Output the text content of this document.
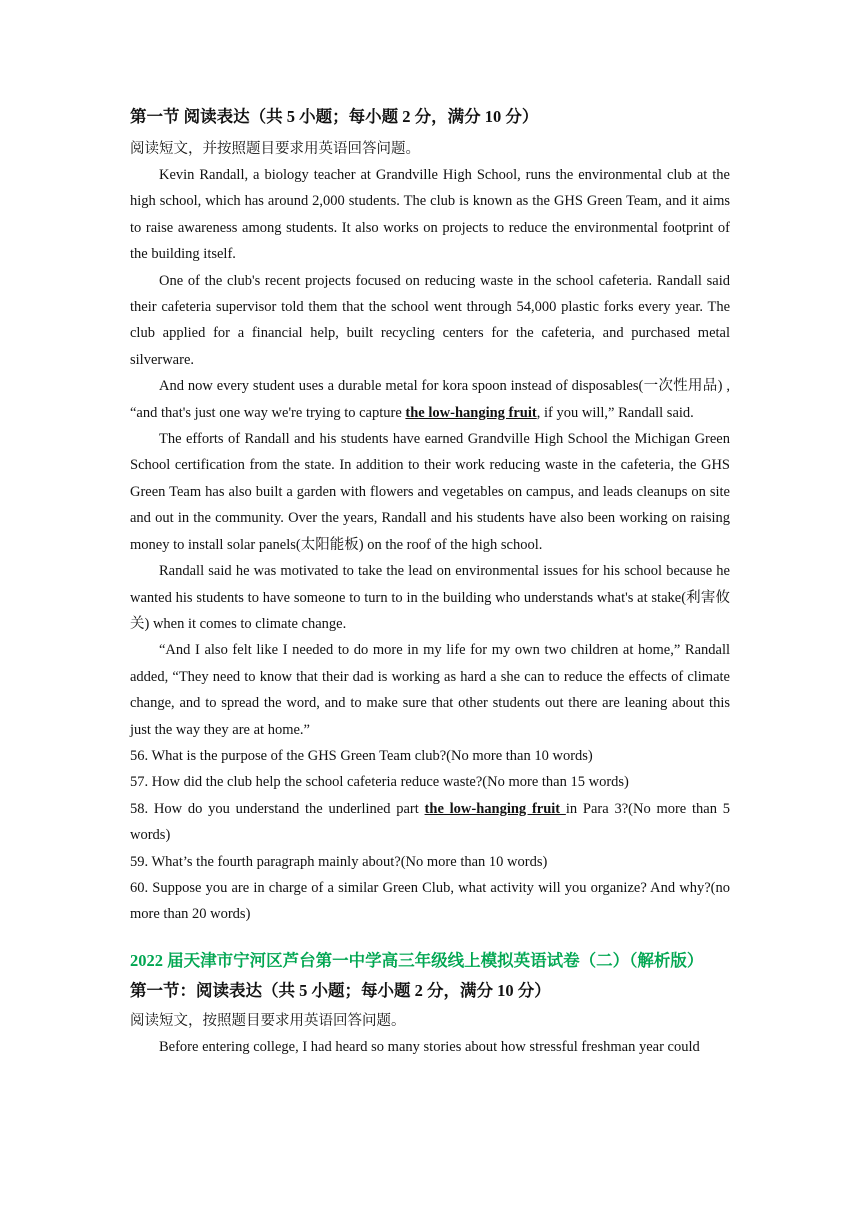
第一节 阅读表达（共 5 小题；每小题 2 分，满分 10 分）
阅读短文，并按照题目要求用英语回答问题。

Kevin Randall, a biology teacher at Grandville High School, runs the environmental club at the high school, which has around 2,000 students. The club is known as the GHS Green Team, and it aims to raise awareness among students. It also works on projects to reduce the environmental footprint of the building itself.

One of the club's recent projects focused on reducing waste in the school cafeteria. Randall said their cafeteria supervisor told them that the school went through 54,000 plastic forks every year. The club applied for a financial help, built recycling centers for the cafeteria, and purchased metal silverware.

And now every student uses a durable metal for kora spoon instead of disposables(一次性用品) , “and that's just one way we're trying to capture the low-hanging fruit, if you will,” Randall said.

The efforts of Randall and his students have earned Grandville High School the Michigan Green School certification from the state. In addition to their work reducing waste in the cafeteria, the GHS Green Team has also built a garden with flowers and vegetables on campus, and leads cleanups on site and out in the community. Over the years, Randall and his students have also been working on raising money to install solar panels(太阳能板) on the roof of the high school.

Randall said he was motivated to take the lead on environmental issues for his school because he wanted his students to have someone to turn to in the building who understands what's at stake(利害攸关) when it comes to climate change.

“And I also felt like I needed to do more in my life for my own two children at home,” Randall added, “They need to know that their dad is working as hard a she can to reduce the effects of climate change, and to spread the word, and to make sure that other students out there are leaning about this just the way they are at home.”

56. What is the purpose of the GHS Green Team club?(No more than 10 words)

57. How did the club help the school cafeteria reduce waste?(No more than 15 words)

58. How do you understand the underlined part the low-hanging fruit in Para 3?(No more than 5 words)

59. What’s the fourth paragraph mainly about?(No more than 10 words)

60. Suppose you are in charge of a similar Green Club, what activity will you organize? And why?(no more than 20 words)

2022 届天津市宁河区芦台第一中学高三年级线上模拟英语试卷（二）（解析版）
第一节：阅读表达（共 5 小题；每小题 2 分，满分 10 分）
阅读短文，按照题目要求用英语回答问题。

Before entering college, I had heard so many stories about how stressful freshman year could
